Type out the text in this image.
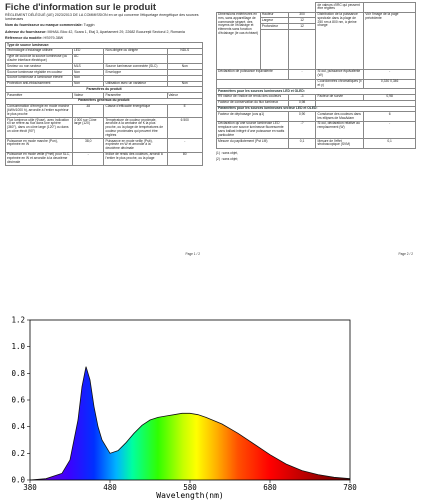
Fiche d'information sur le produit
RÈGLEMENT DÉLÉGUÉ (UE) 2023/2013 DE LA COMMISSION en ce qui concerne l'étiquetage énergétique des sources lumineuses
Nom du fournisseur ou marque commerciale: Tuggin
Adresse du fournisseur: MIHAIL Bloc 42, Scara 1, Etaj 3, Apartament 29, 22682 Bucureşti Sectorul 2, Romania
Référence du modèle: HS979-38W
Type de source lumineuse:			
Technologie d'éclairage utilisée	LED	Non-dirigée ou dirigée	NDLS
Type de culot de la source lumineuse (ou d'autre interface électrique)	AC		
Secteur ou non secteur	MLS	Source lumineuse connectée (SLC)	Non
Source lumineuse réglable en couleur	Non	Enveloppe	
Source lumineuse à luminance élevée	Non		
Protection anti-éblouissement	Non	Utilisation avec un variateur	Non
Paramètres du produit			
Paramètre	Valeur	Paramètre	Valeur
Paramètres généraux du produit:			
Consommation d'énergie en mode marche (kWh/1000 h), arrondie à l'entier supérieur le plus proche	38	Classe d'efficacité énergétique	E
Flux lumineux utile (Φuse), avec indication s'il se réfère au flux dans une sphère (360°), dans un cône large (120°) ou dans un cône étroit (90°)	4 000 sur Cône large (120)	Température de couleur proximale, arrondie à la centaine de K la plus proche, ou la plage de températures de couleur proximales qui peuvent être réglées	6 500
Puissance en mode marche (Pon), exprimée en W	38,0	Puissance en mode veille (Psb), exprimée en W et arrondie à la deuxième décimale	-
Puissance en mode veille (Pnet) pour SLC, exprimée en W et arrondie à la deuxième décimale	-	Indice de rendu des couleurs, arrondi à l'entier le plus proche, ou la plage	80
Page 1 / 2
			de valeurs d'IRC qui peuvent être réglées	
Dimensions extérieures en mm, sans appareillage de commande séparé, des moyens de l'éclairage et éléments sans fonction d'éclairage (le cas échéant)	Hauteur	300	Distribution de la puissance spectrale dans la plage de 250 nm à 800 nm, à pleine charge	Voir l'image de la page précédente
	Largeur	12		
	Profondeur	12		

Déclaration de puissance équivalente		-	Si oui, puissance équivalente (W)	-
			Coordonnées chromatiques (x et y)	0,330 0,346
Paramètres pour les sources lumineuses LED et OLED:				
R9 valeur de l'indice de rendu des couleurs		-3	Facteur de survie	0,98
Facteur de conservation du flux lumineux		0,98		
Paramètres pour les sources lumineuses secteur LED et OLED:				
Facteur de déphasage (cos φ1)		0,90	Constance des couleurs dans les ellipses de MacAdam	6
Déclaration qu'une source lumineuse LED remplace une source lumineuse fluorescente sans ballast intégré d'une puissance en watts particulière		-?	Si oui, déclaration relative au remplacement (W)	-
Mesure du papillotement (Pst LM)		0,1	Mesure de l'effet stroboscopique (SVM)	0,1
(1) : sans objet,
(2) : sans objet;
Page 2 / 2
380	480	580	680	780
0.0
0.2
0.4
0.6
0.8
1.0
1.2
Wavelength(nm)
